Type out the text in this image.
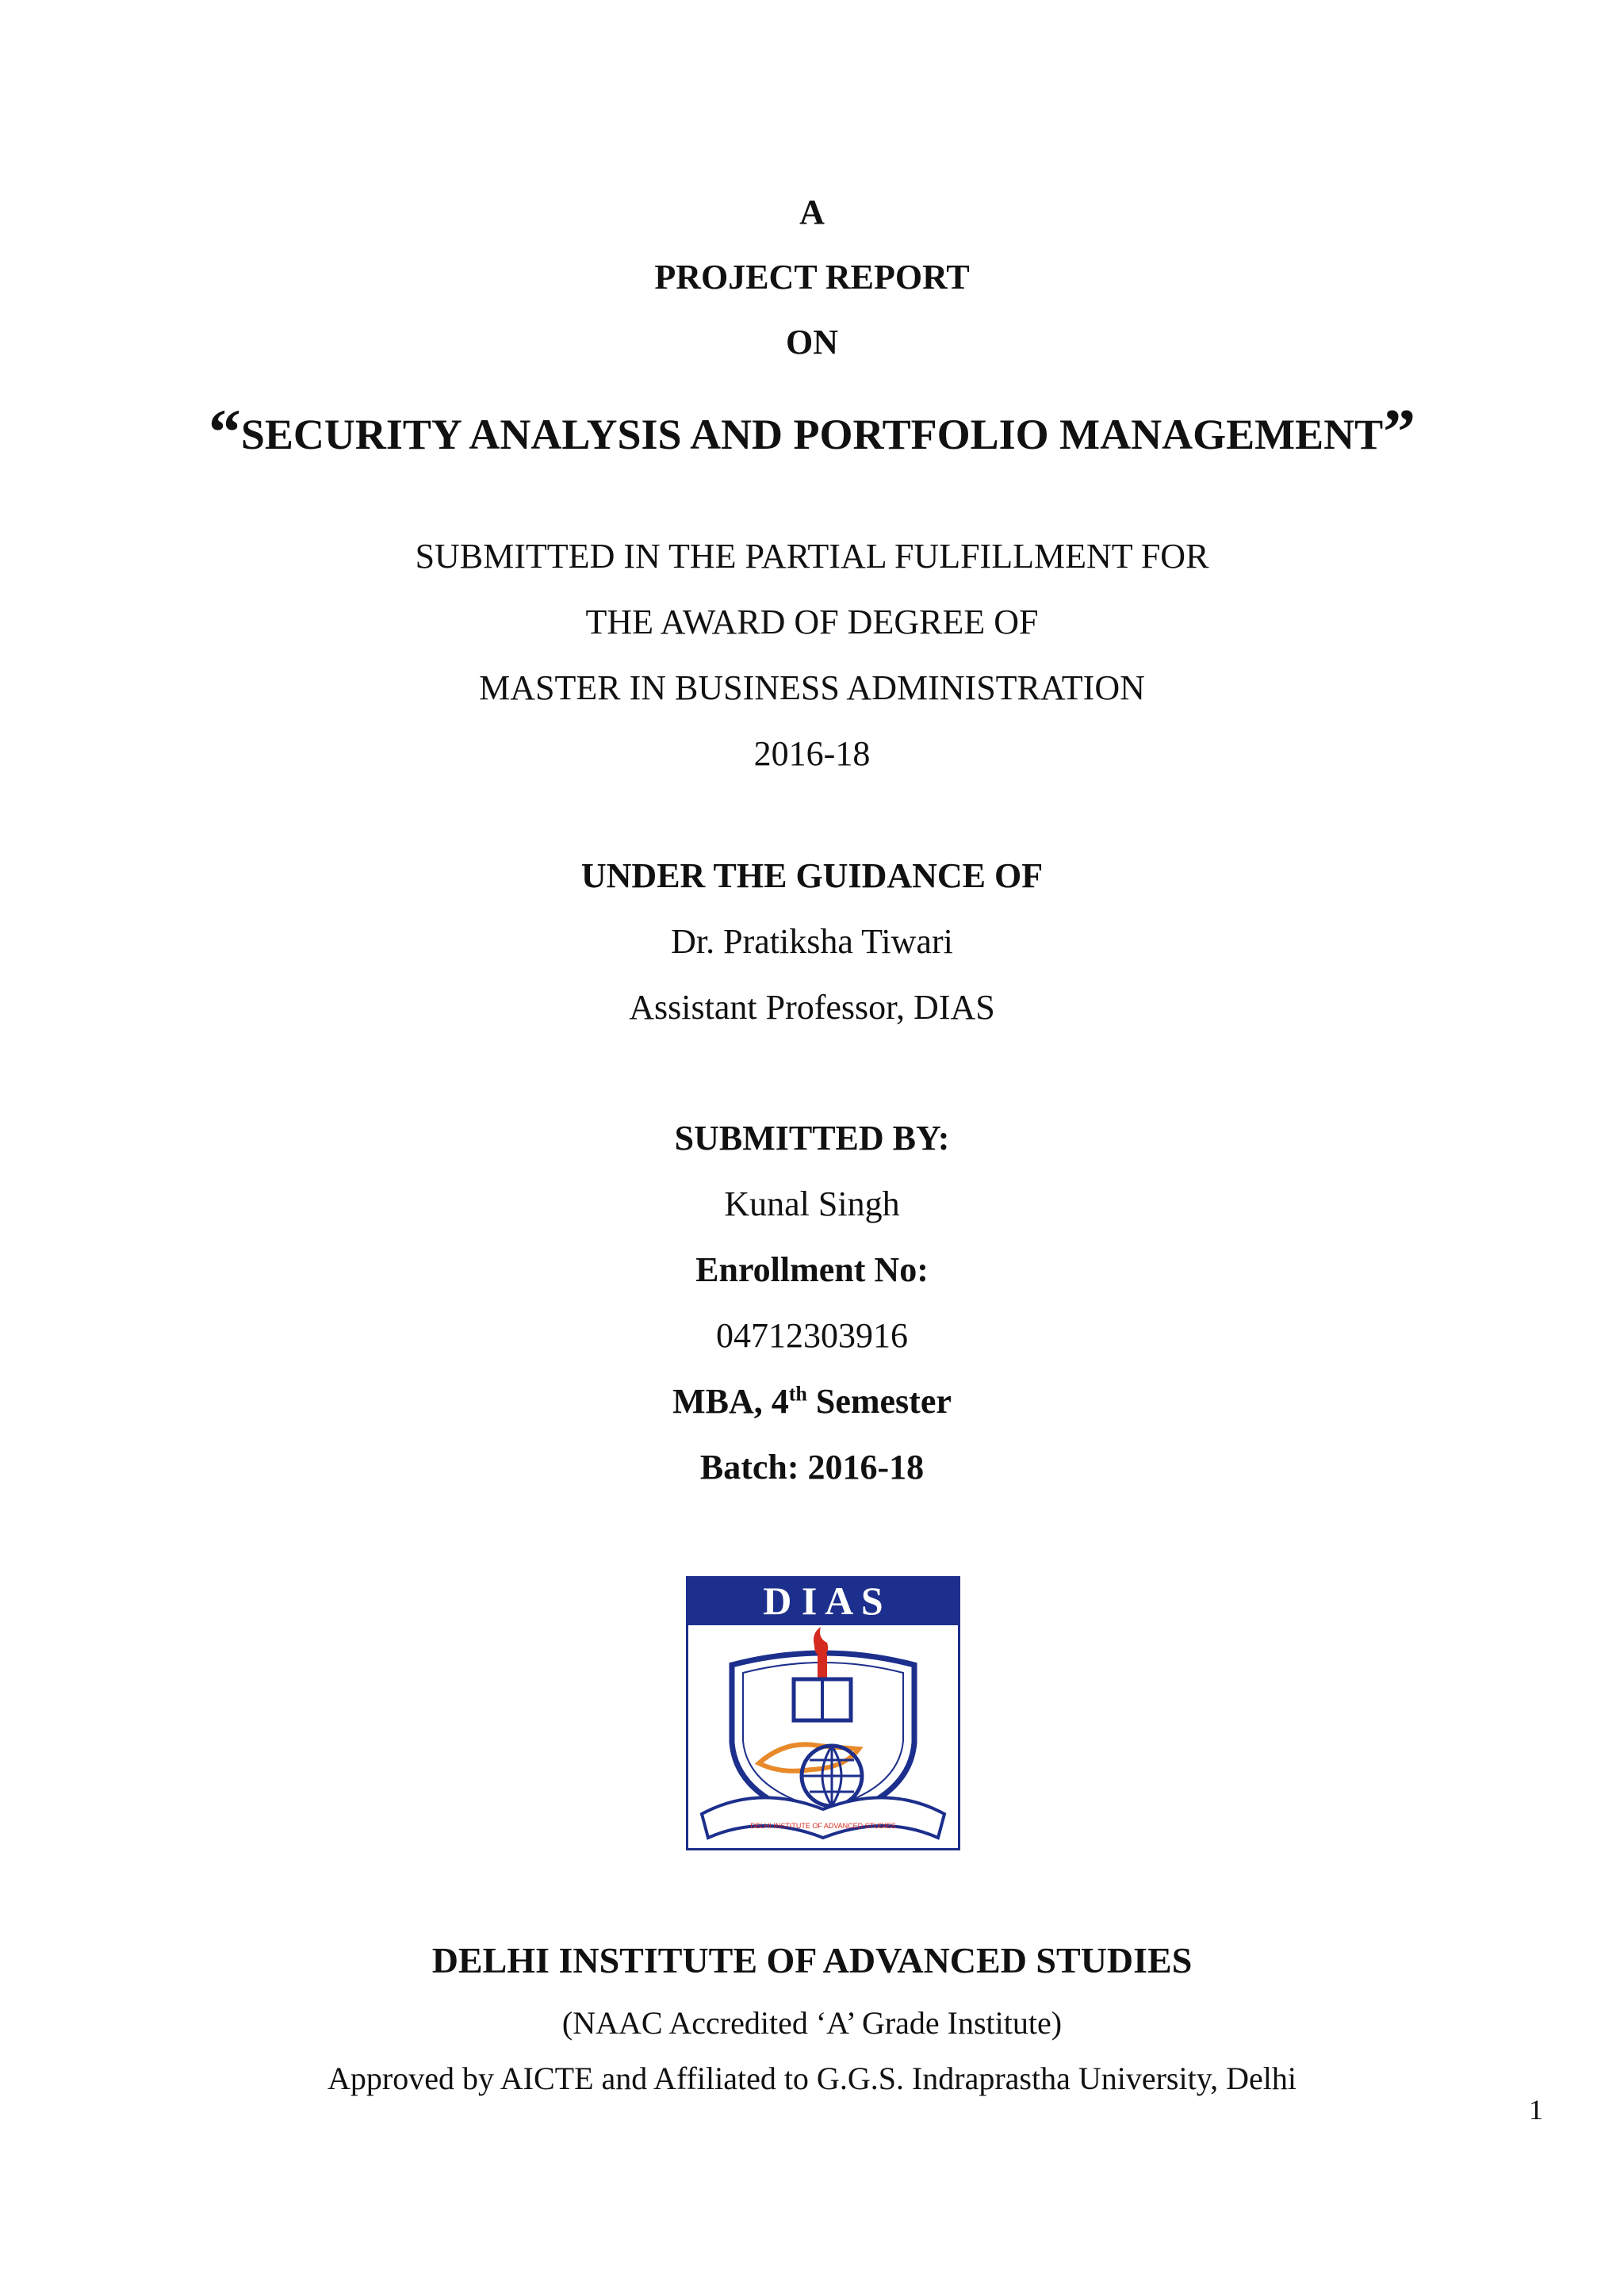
A
PROJECT REPORT
ON
“SECURITY ANALYSIS AND PORTFOLIO MANAGEMENT”
SUBMITTED IN THE PARTIAL FULFILLMENT FOR
THE AWARD OF DEGREE OF
MASTER IN BUSINESS ADMINISTRATION
2016-18
UNDER THE GUIDANCE OF
Dr. Pratiksha Tiwari
Assistant Professor, DIAS
SUBMITTED BY:
Kunal Singh
Enrollment No:
04712303916
MBA, 4th Semester
Batch: 2016-18
D I A S
DELHI INSTITUTE OF ADVANCED STUDIES
DELHI INSTITUTE OF ADVANCED STUDIES
(NAAC Accredited ‘A’ Grade Institute)
Approved by AICTE and Affiliated to G.G.S. Indraprastha University, Delhi
1
